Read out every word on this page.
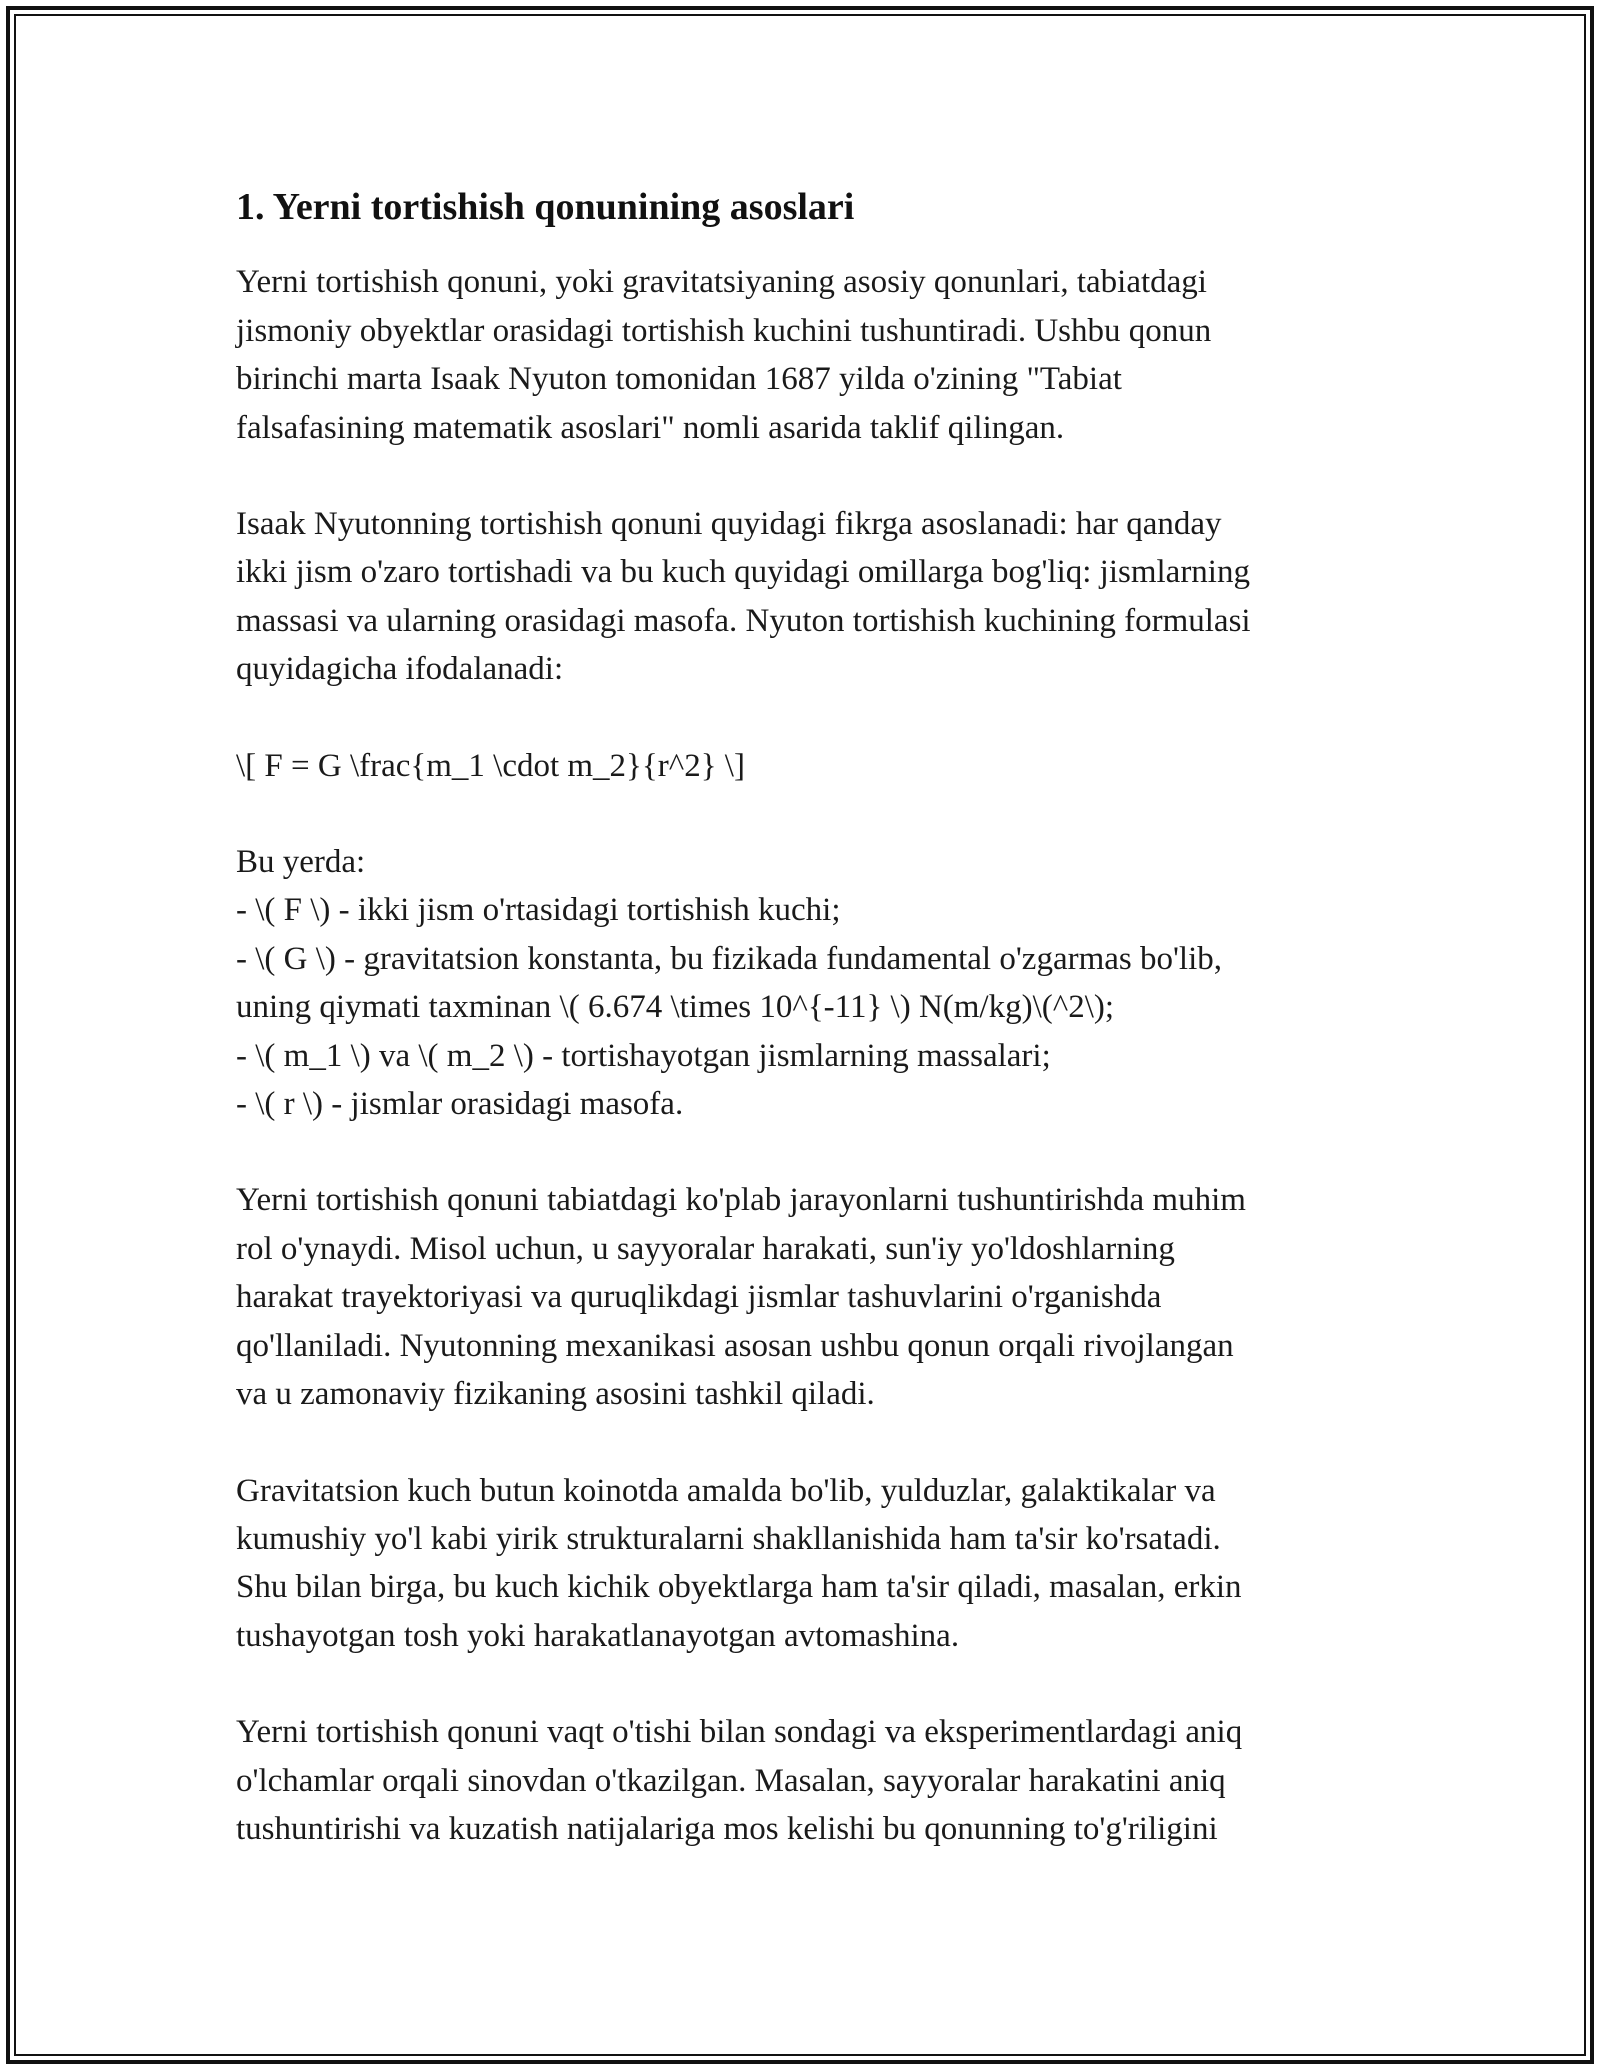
1. Yerni tortishish qonunining asoslari

Yerni tortishish qonuni, yoki gravitatsiyaning asosiy qonunlari, tabiatdagi
jismoniy obyektlar orasidagi tortishish kuchini tushuntiradi. Ushbu qonun
birinchi marta Isaak Nyuton tomonidan 1687 yilda o'zining "Tabiat
falsafasining matematik asoslari" nomli asarida taklif qilingan.

Isaak Nyutonning tortishish qonuni quyidagi fikrga asoslanadi: har qanday
ikki jism o'zaro tortishadi va bu kuch quyidagi omillarga bog'liq: jismlarning
massasi va ularning orasidagi masofa. Nyuton tortishish kuchining formulasi
quyidagicha ifodalanadi:

\[ F = G \frac{m_1 \cdot m_2}{r^2} \]

Bu yerda:
- \( F \) - ikki jism o'rtasidagi tortishish kuchi;
- \( G \) - gravitatsion konstanta, bu fizikada fundamental o'zgarmas bo'lib,
uning qiymati taxminan \( 6.674 \times 10^{-11} \) N(m/kg)\(^2\);
- \( m_1 \) va \( m_2 \) - tortishayotgan jismlarning massalari;
- \( r \) - jismlar orasidagi masofa.

Yerni tortishish qonuni tabiatdagi ko'plab jarayonlarni tushuntirishda muhim
rol o'ynaydi. Misol uchun, u sayyoralar harakati, sun'iy yo'ldoshlarning
harakat trayektoriyasi va quruqlikdagi jismlar tashuvlarini o'rganishda
qo'llaniladi. Nyutonning mexanikasi asosan ushbu qonun orqali rivojlangan
va u zamonaviy fizikaning asosini tashkil qiladi.

Gravitatsion kuch butun koinotda amalda bo'lib, yulduzlar, galaktikalar va
kumushiy yo'l kabi yirik strukturalarni shakllanishida ham ta'sir ko'rsatadi.
Shu bilan birga, bu kuch kichik obyektlarga ham ta'sir qiladi, masalan, erkin
tushayotgan tosh yoki harakatlanayotgan avtomashina.

Yerni tortishish qonuni vaqt o'tishi bilan sondagi va eksperimentlardagi aniq
o'lchamlar orqali sinovdan o'tkazilgan. Masalan, sayyoralar harakatini aniq
tushuntirishi va kuzatish natijalariga mos kelishi bu qonunning to'g'riligini
